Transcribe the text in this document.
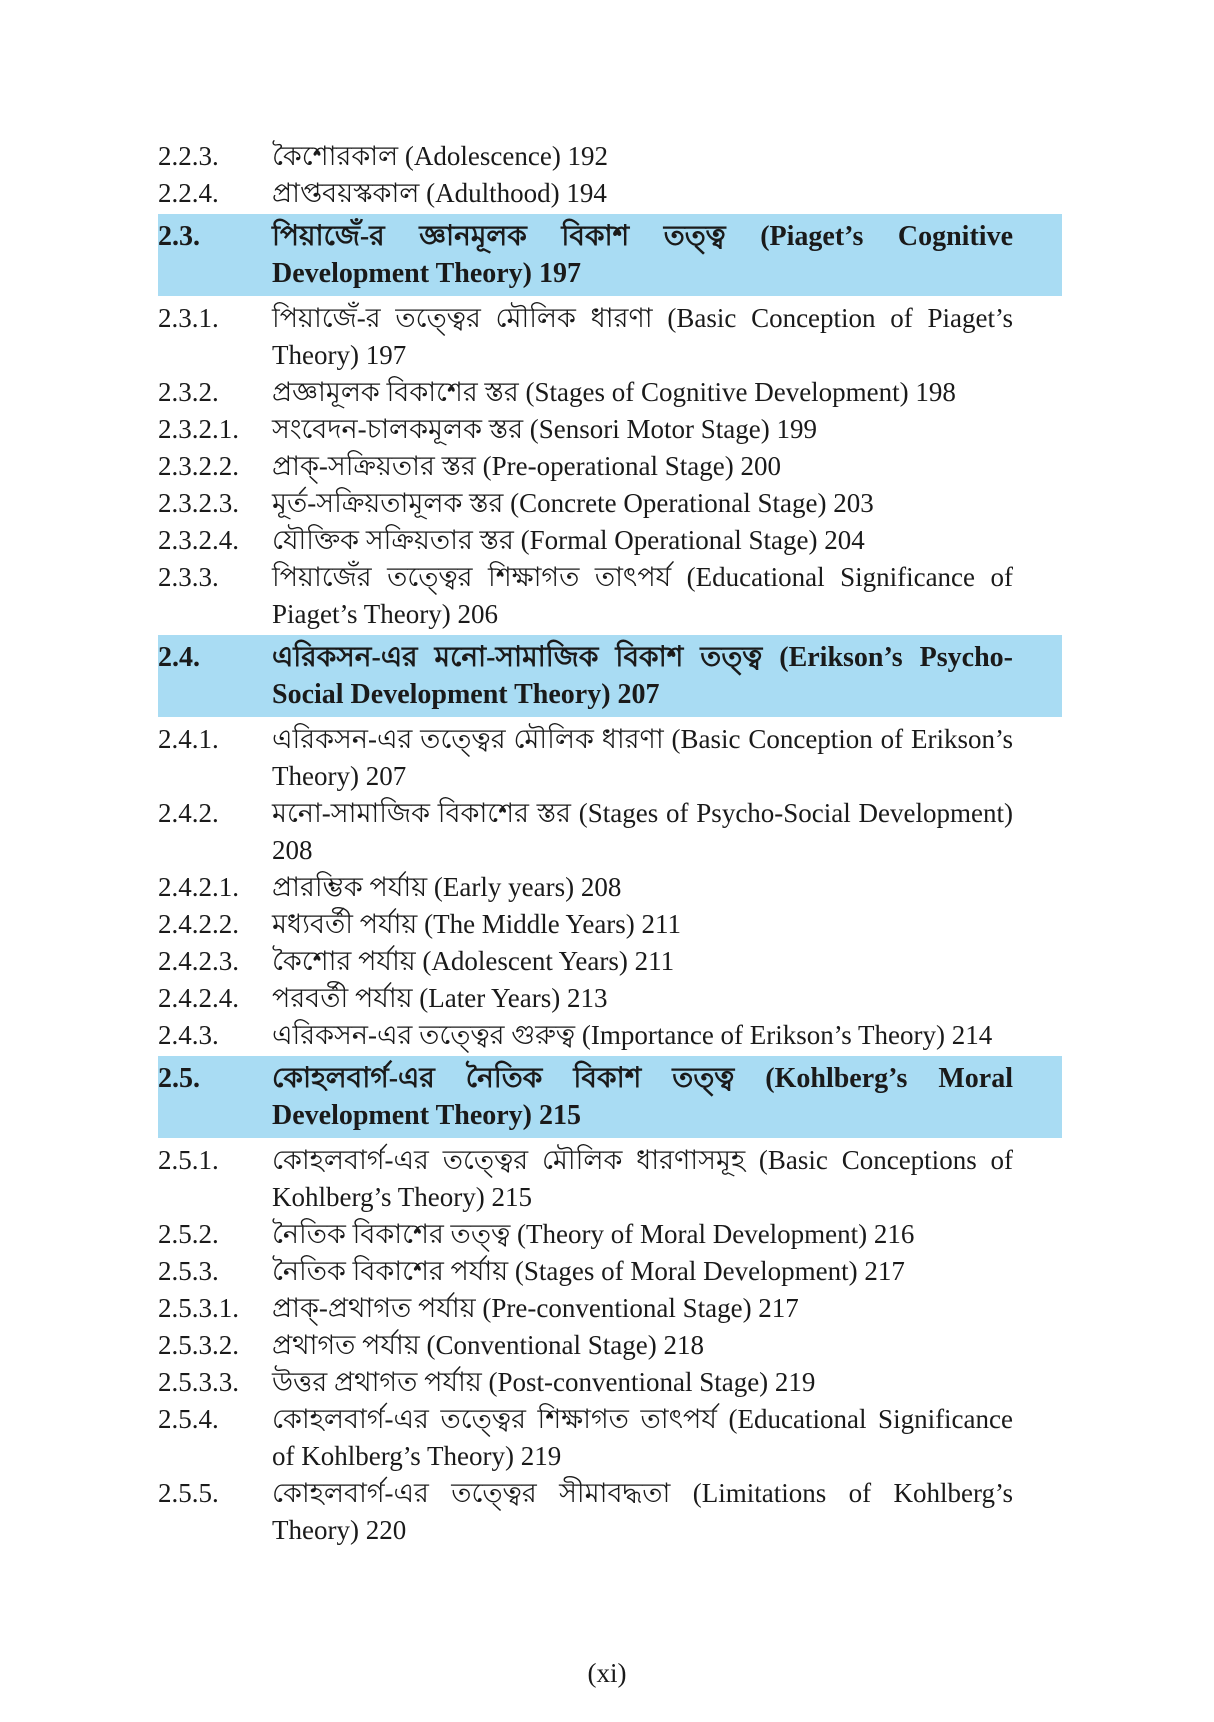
2.2.3.	কৈশোরকাল (Adolescence) 192
2.2.4.	প্রাপ্তবয়স্ককাল (Adulthood) 194
2.3.	পিয়াজেঁ-র জ্ঞানমূলক বিকাশ তত্ত্ব (Piaget’s Cognitive Development Theory) 197
2.3.1.	পিয়াজেঁ-র তত্ত্বের মৌলিক ধারণা (Basic Conception of Piaget’s Theory) 197
2.3.2.	প্রজ্ঞামূলক বিকাশের স্তর (Stages of Cognitive Development) 198
2.3.2.1.	সংবেদন-চালকমূলক স্তর (Sensori Motor Stage) 199
2.3.2.2.	প্রাক্-সক্রিয়তার স্তর (Pre-operational Stage) 200
2.3.2.3.	মূর্ত-সক্রিয়তামূলক স্তর (Concrete Operational Stage) 203
2.3.2.4.	যৌক্তিক সক্রিয়তার স্তর (Formal Operational Stage) 204
2.3.3.	পিয়াজেঁর তত্ত্বের শিক্ষাগত তাৎপর্য (Educational Significance of Piaget’s Theory) 206
2.4.	এরিকসন-এর মনো-সামাজিক বিকাশ তত্ত্ব (Erikson’s Psycho-Social Development Theory) 207
2.4.1.	এরিকসন-এর তত্ত্বের মৌলিক ধারণা (Basic Conception of Erikson’s Theory) 207
2.4.2.	মনো-সামাজিক বিকাশের স্তর (Stages of Psycho-Social Development) 208
2.4.2.1.	প্রারম্ভিক পর্যায় (Early years) 208
2.4.2.2.	মধ্যবর্তী পর্যায় (The Middle Years) 211
2.4.2.3.	কৈশোর পর্যায় (Adolescent Years) 211
2.4.2.4.	পরবর্তী পর্যায় (Later Years) 213
2.4.3.	এরিকসন-এর তত্ত্বের গুরুত্ব (Importance of Erikson’s Theory) 214
2.5.	কোহলবার্গ-এর নৈতিক বিকাশ তত্ত্ব (Kohlberg’s Moral Development Theory) 215
2.5.1.	কোহলবার্গ-এর তত্ত্বের মৌলিক ধারণাসমূহ (Basic Conceptions of Kohlberg’s Theory) 215
2.5.2.	নৈতিক বিকাশের তত্ত্ব (Theory of Moral Development) 216
2.5.3.	নৈতিক বিকাশের পর্যায় (Stages of Moral Development) 217
2.5.3.1.	প্রাক্-প্রথাগত পর্যায় (Pre-conventional Stage) 217
2.5.3.2.	প্রথাগত পর্যায় (Conventional Stage) 218
2.5.3.3.	উত্তর প্রথাগত পর্যায় (Post-conventional Stage) 219
2.5.4.	কোহলবার্গ-এর তত্ত্বের শিক্ষাগত তাৎপর্য (Educational Significance of Kohlberg’s Theory) 219
2.5.5.	কোহলবার্গ-এর তত্ত্বের সীমাবদ্ধতা (Limitations of Kohlberg’s Theory) 220
(xi)
